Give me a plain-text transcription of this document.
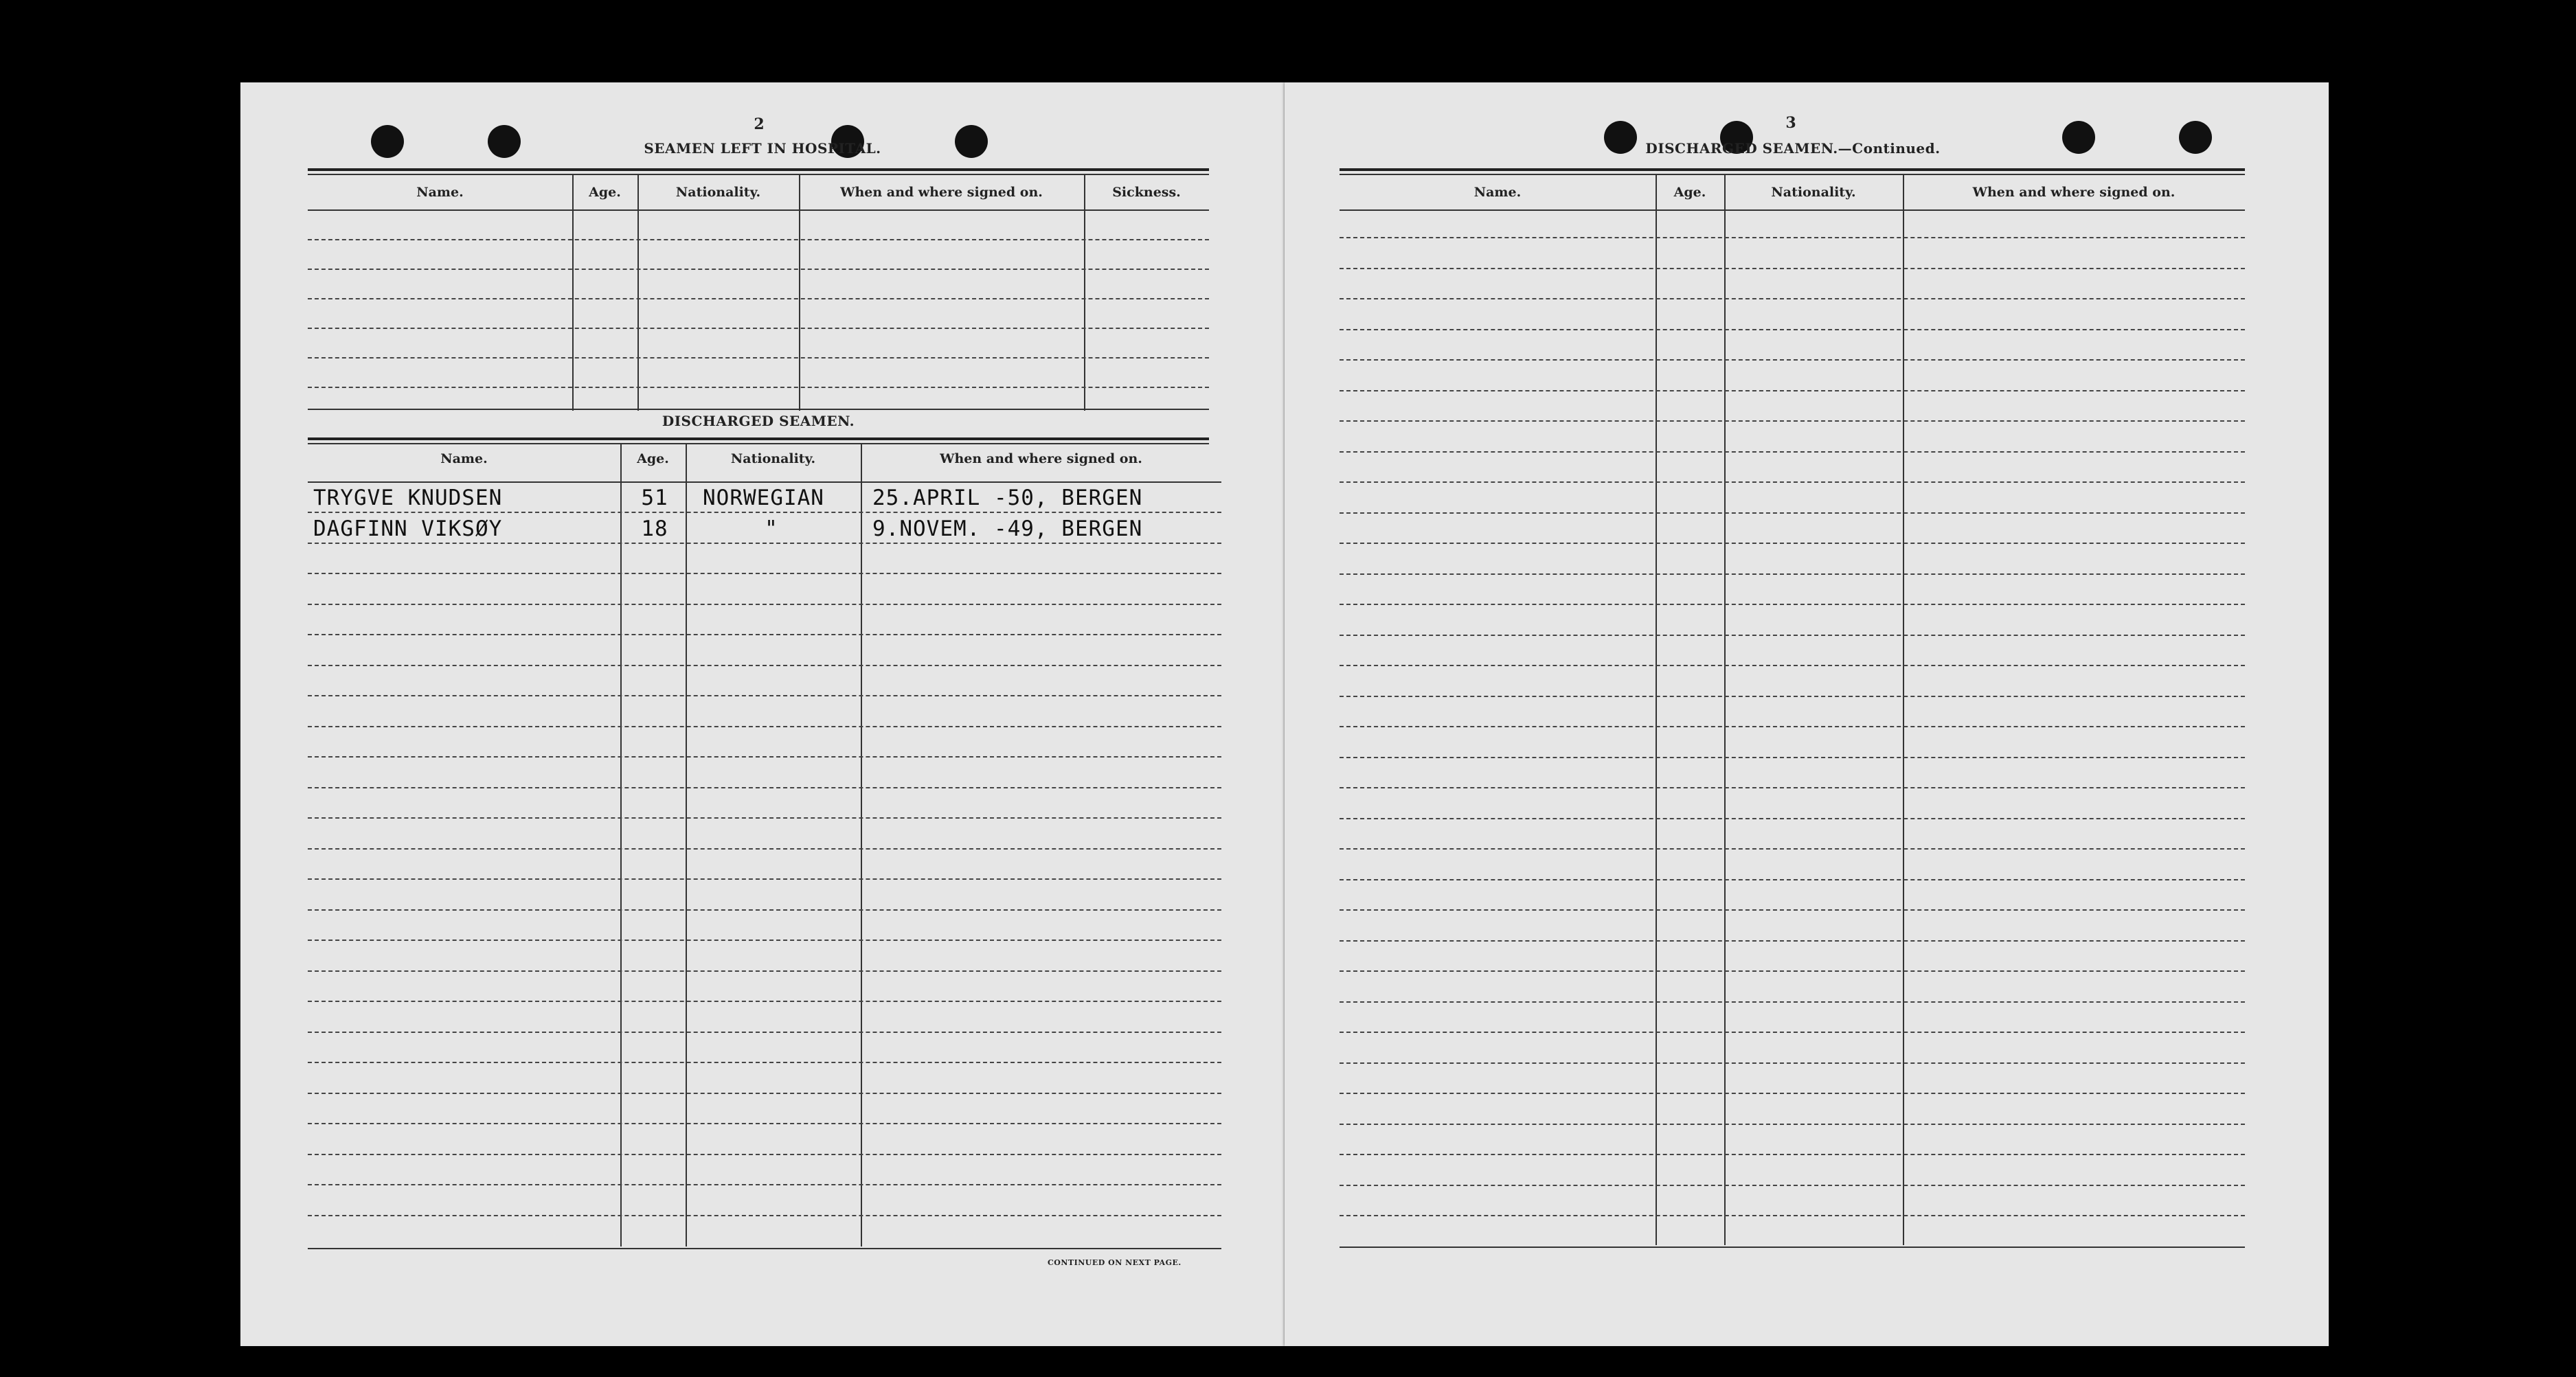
2
SEAMEN LEFT IN HOSPITAL.
Name.	Age.	Nationality.	When and where signed on.	Sickness.
DISCHARGED SEAMEN.
Name.	Age.	Nationality.	When and where signed on.
TRYGVE KNUDSEN	51	NORWEGIAN 25.APRIL -50, BERGEN
DAGFINN VIKSØY	18	"	9.NOVEM. -49, BERGEN
CONTINUED ON NEXT PAGE.
3
DISCHARGED SEAMEN.—Continued.
Name.	Age.	Nationality.	When and where signed on.
